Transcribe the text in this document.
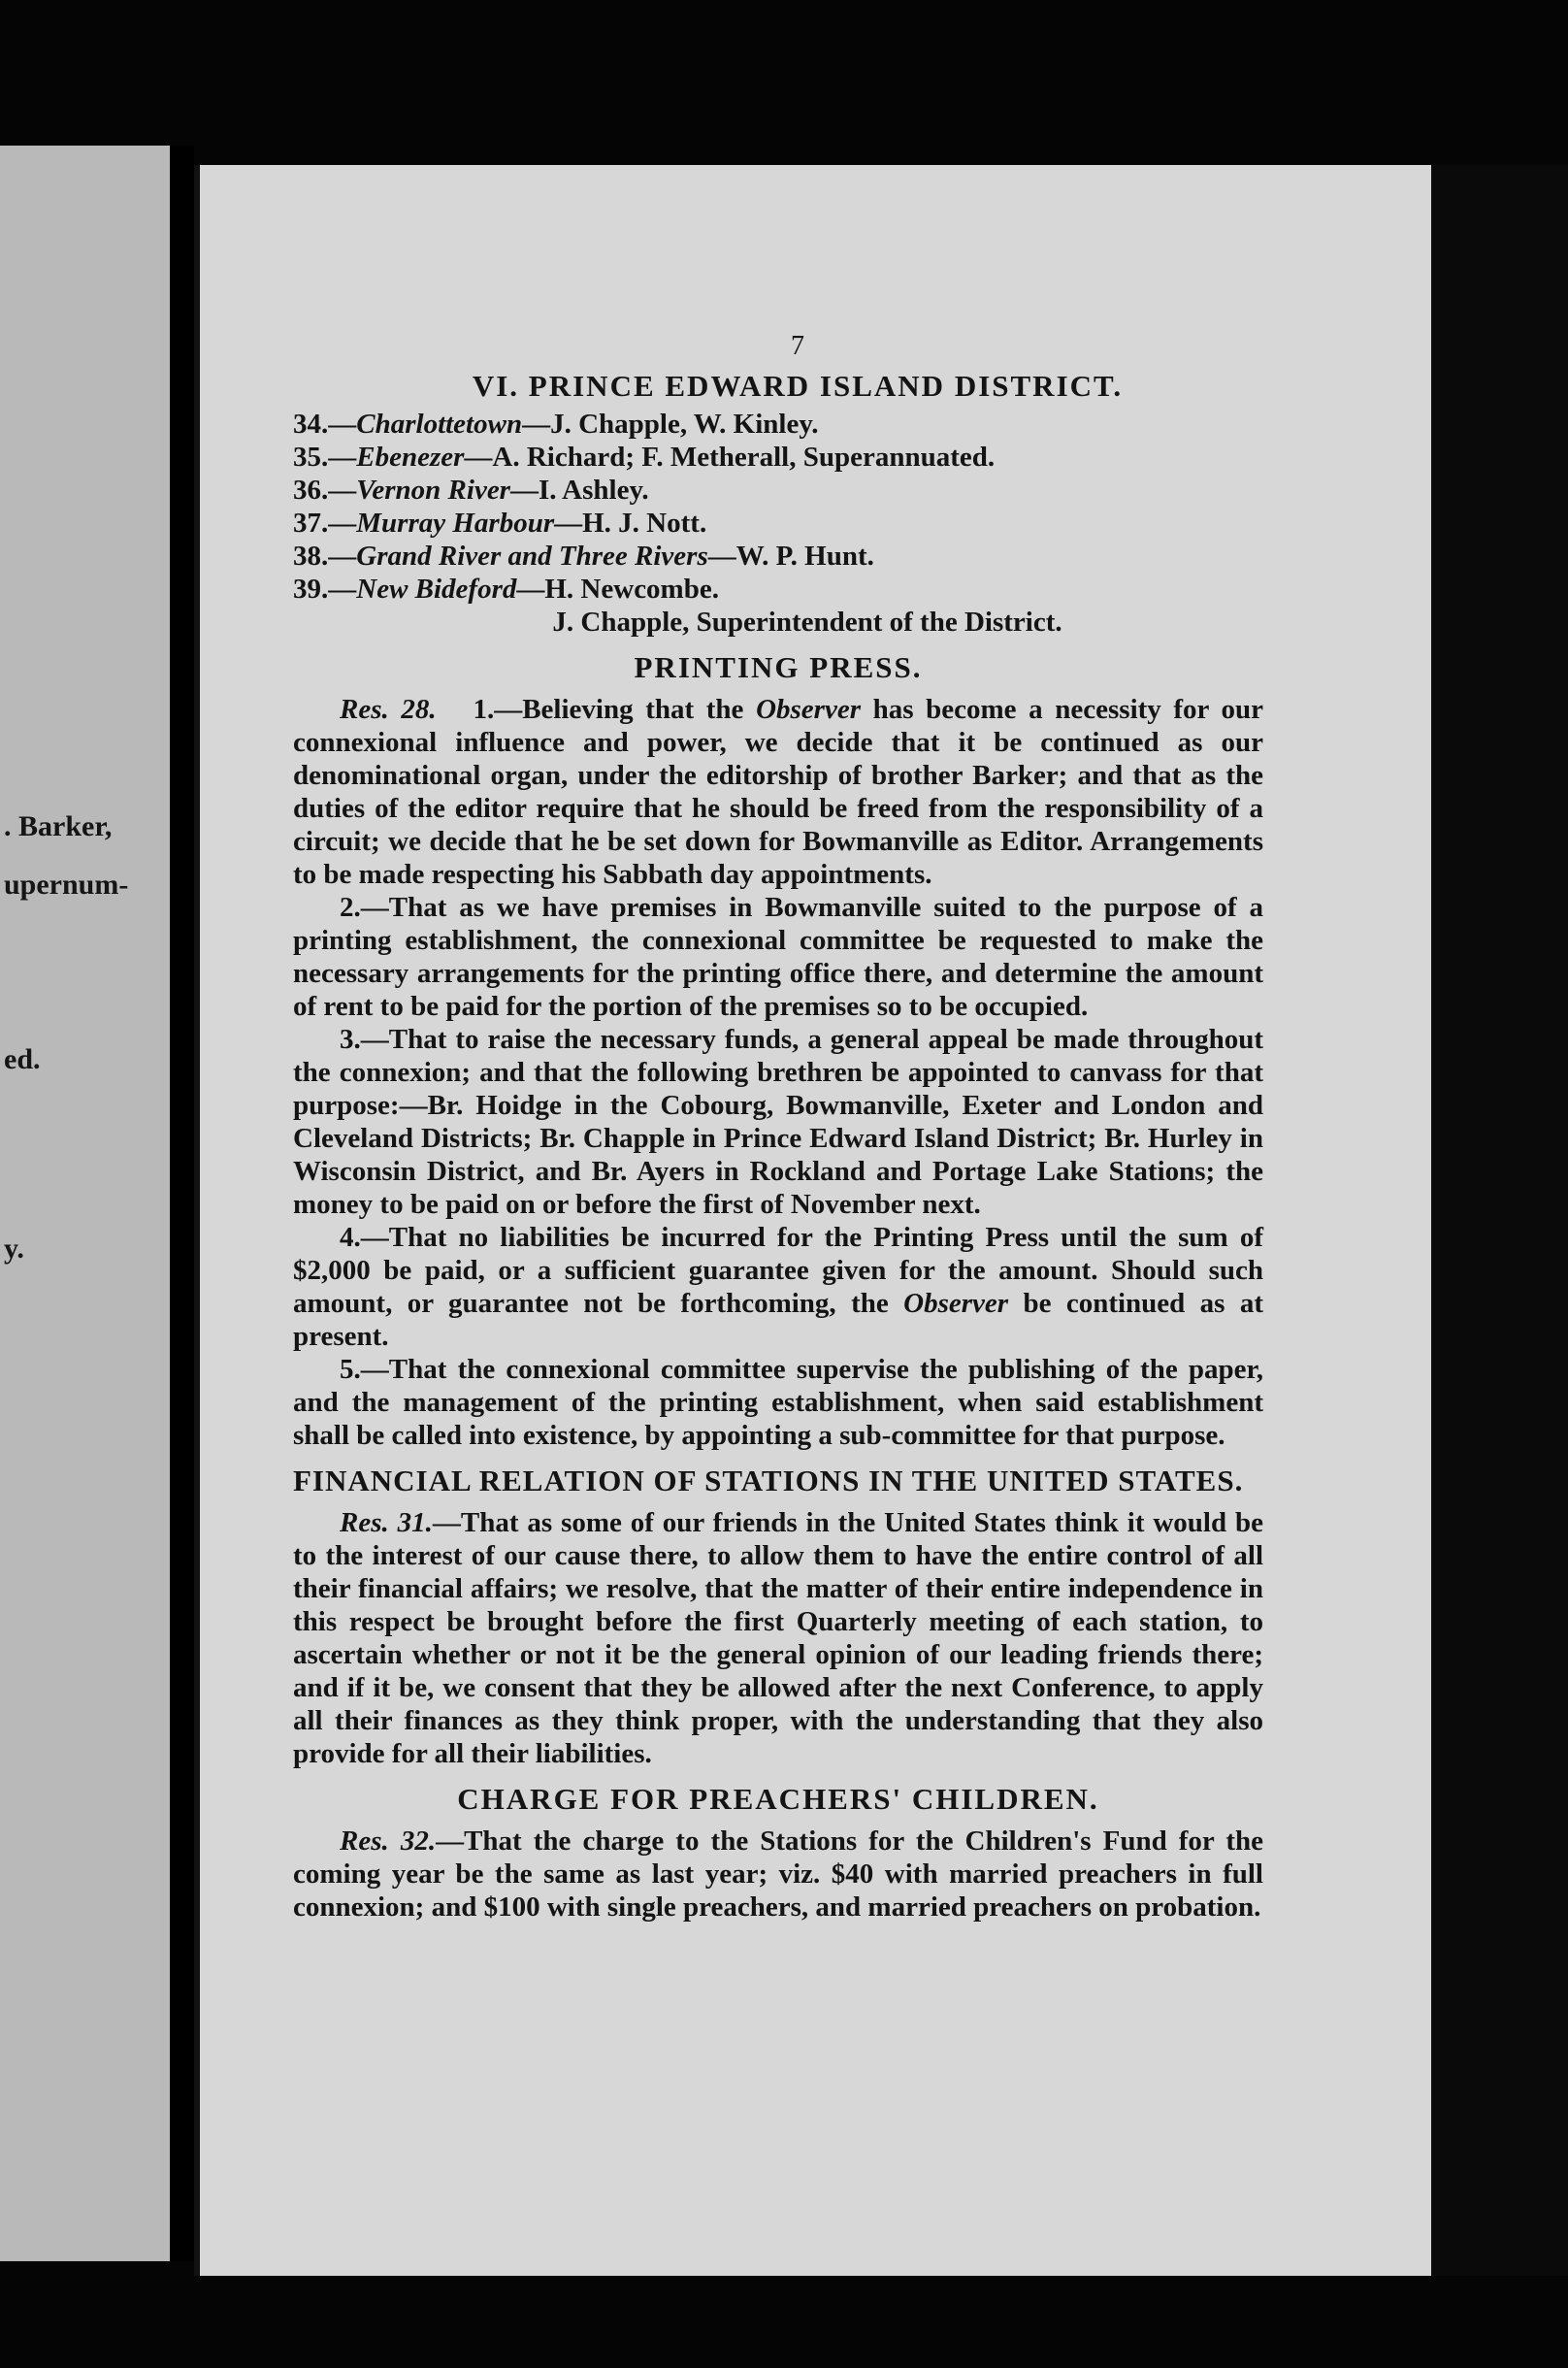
. Barker,
upernum-
ed.
y.
7
VI. PRINCE EDWARD ISLAND DISTRICT.
34.—Charlottetown—J. Chapple, W. Kinley.
35.—Ebenezer—A. Richard; F. Metherall, Superannuated.
36.—Vernon River—I. Ashley.
37.—Murray Harbour—H. J. Nott.
38.—Grand River and Three Rivers—W. P. Hunt.
39.—New Bideford—H. Newcombe.
J. Chapple, Superintendent of the District.
PRINTING PRESS.

Res. 28. 1.—Believing that the Observer has become a necessity for our connexional influence and power, we decide that it be continued as our denominational organ, under the editorship of brother Barker; and that as the duties of the editor require that he should be freed from the responsibility of a circuit; we decide that he be set down for Bowmanville as Editor. Arrangements to be made respecting his Sabbath day appointments.

2.—That as we have premises in Bowmanville suited to the purpose of a printing establishment, the connexional committee be requested to make the necessary arrangements for the printing office there, and determine the amount of rent to be paid for the portion of the premises so to be occupied.

3.—That to raise the necessary funds, a general appeal be made throughout the connexion; and that the following brethren be appointed to canvass for that purpose:—Br. Hoidge in the Cobourg, Bowmanville, Exeter and London and Cleveland Districts; Br. Chapple in Prince Edward Island District; Br. Hurley in Wisconsin District, and Br. Ayers in Rockland and Portage Lake Stations; the money to be paid on or before the first of November next.

4.—That no liabilities be incurred for the Printing Press until the sum of $2,000 be paid, or a sufficient guarantee given for the amount. Should such amount, or guarantee not be forthcoming, the Observer be continued as at present.

5.—That the connexional committee supervise the publishing of the paper, and the management of the printing establishment, when said establishment shall be called into existence, by appointing a sub-committee for that purpose.

FINANCIAL RELATION OF STATIONS IN THE UNITED STATES.

Res. 31.—That as some of our friends in the United States think it would be to the interest of our cause there, to allow them to have the entire control of all their financial affairs; we resolve, that the matter of their entire independence in this respect be brought before the first Quarterly meeting of each station, to ascertain whether or not it be the general opinion of our leading friends there; and if it be, we consent that they be allowed after the next Conference, to apply all their finances as they think proper, with the understanding that they also provide for all their liabilities.

CHARGE FOR PREACHERS' CHILDREN.

Res. 32.—That the charge to the Stations for the Children's Fund for the coming year be the same as last year; viz. $40 with married preachers in full connexion; and $100 with single preachers, and married preachers on probation.
